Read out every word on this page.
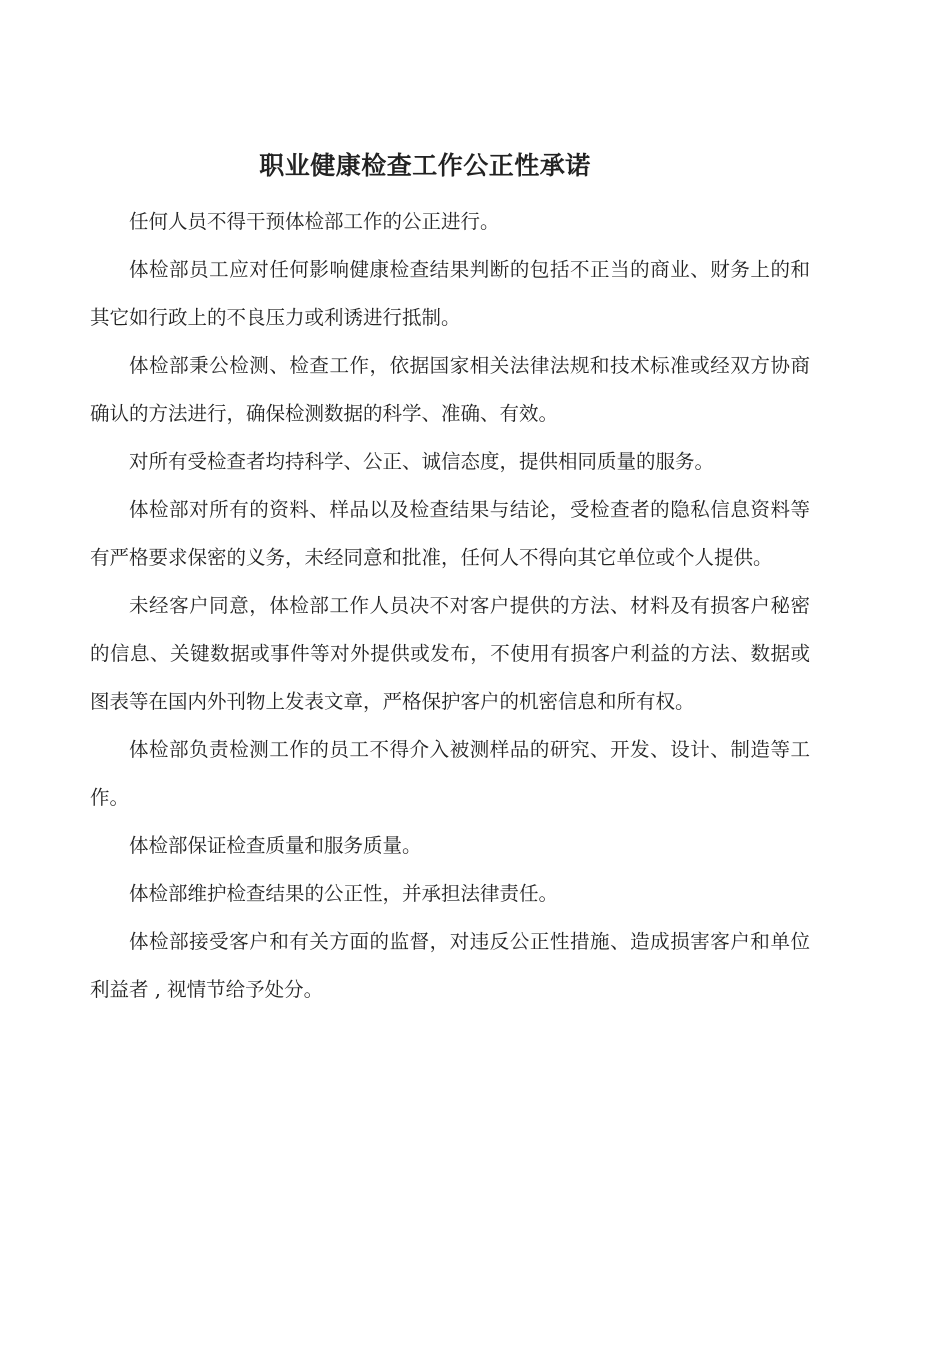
职业健康检查工作公正性承诺

任何人员不得干预体检部工作的公正进行。

体检部员工应对任何影响健康检查结果判断的包括不正当的商业、财务上的和其它如行政上的不良压力或利诱进行抵制。

体检部秉公检测、检查工作，依据国家相关法律法规和技术标准或经双方协商确认的方法进行，确保检测数据的科学、准确、有效。

对所有受检查者均持科学、公正、诚信态度，提供相同质量的服务。

体检部对所有的资料、样品以及检查结果与结论，受检查者的隐私信息资料等有严格要求保密的义务，未经同意和批准，任何人不得向其它单位或个人提供。

未经客户同意，体检部工作人员决不对客户提供的方法、材料及有损客户秘密的信息、关键数据或事件等对外提供或发布，不使用有损客户利益的方法、数据或图表等在国内外刊物上发表文章，严格保护客户的机密信息和所有权。

体检部负责检测工作的员工不得介入被测样品的研究、开发、设计、制造等工作。

体检部保证检查质量和服务质量。

体检部维护检查结果的公正性，并承担法律责任。

体检部接受客户和有关方面的监督，对违反公正性措施、造成损害客户和单位利益者 , 视情节给予处分。
